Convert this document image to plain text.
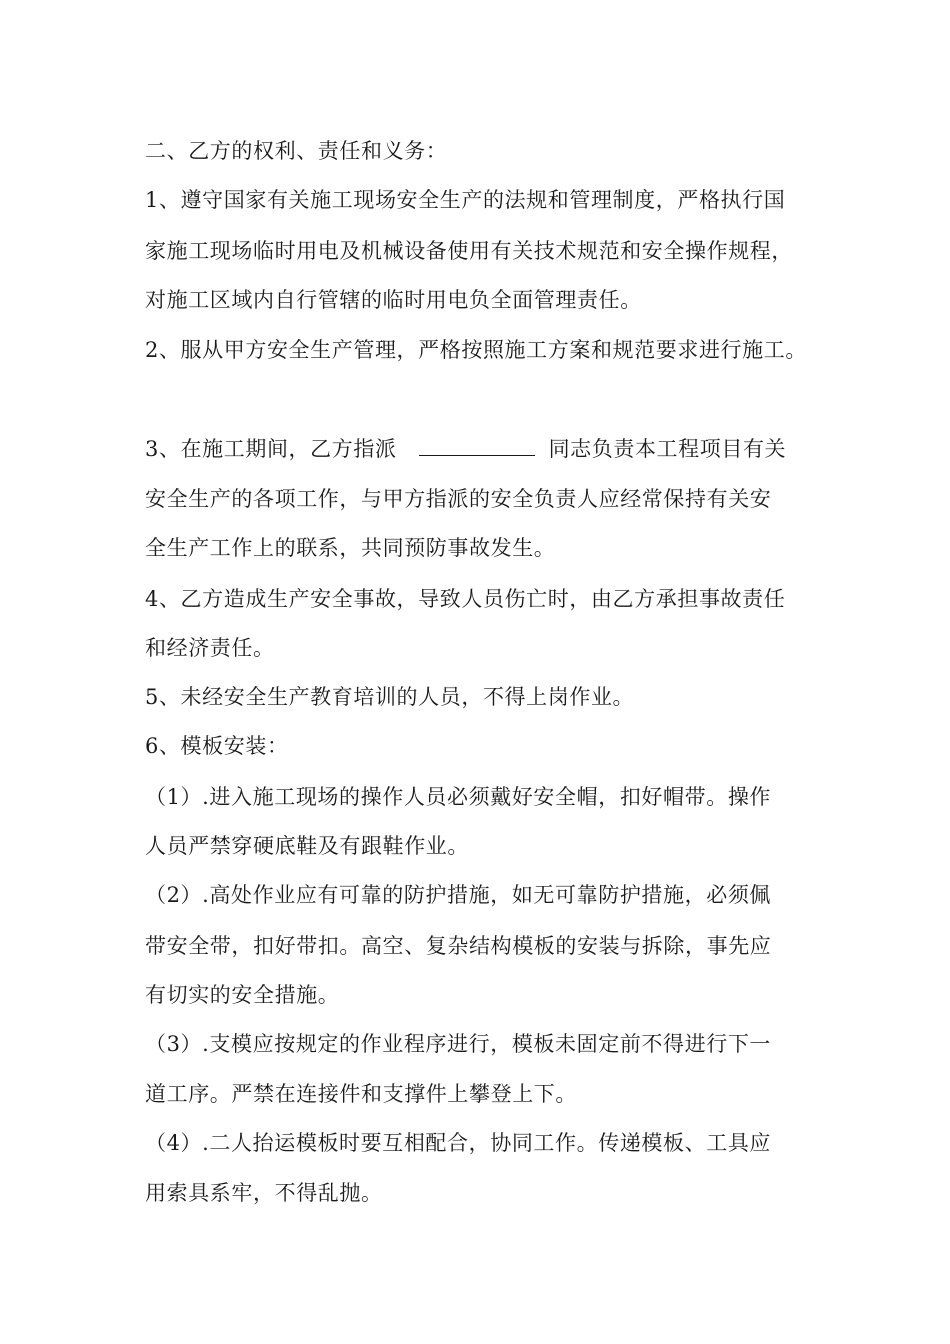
二、乙方的权利、责任和义务：
1、遵守国家有关施工现场安全生产的法规和管理制度，严格执行国
家施工现场临时用电及机械设备使用有关技术规范和安全操作规程，
对施工区域内自行管辖的临时用电负全面管理责任。
2、服从甲方安全生产管理，严格按照施工方案和规范要求进行施工。
3、在施工期间，乙方指派	同志负责本工程项目有关
安全生产的各项工作，与甲方指派的安全负责人应经常保持有关安
全生产工作上的联系，共同预防事故发生。
4、乙方造成生产安全事故，导致人员伤亡时，由乙方承担事故责任
和经济责任。
5、未经安全生产教育培训的人员，不得上岗作业。
6、模板安装：
（1）.进入施工现场的操作人员必须戴好安全帽，扣好帽带。操作
人员严禁穿硬底鞋及有跟鞋作业。
（2）.高处作业应有可靠的防护措施，如无可靠防护措施，必须佩
带安全带，扣好带扣。高空、复杂结构模板的安装与拆除，事先应
有切实的安全措施。
（3）.支模应按规定的作业程序进行，模板未固定前不得进行下一
道工序。严禁在连接件和支撑件上攀登上下。
（4）.二人抬运模板时要互相配合，协同工作。传递模板、工具应
用索具系牢，不得乱抛。
